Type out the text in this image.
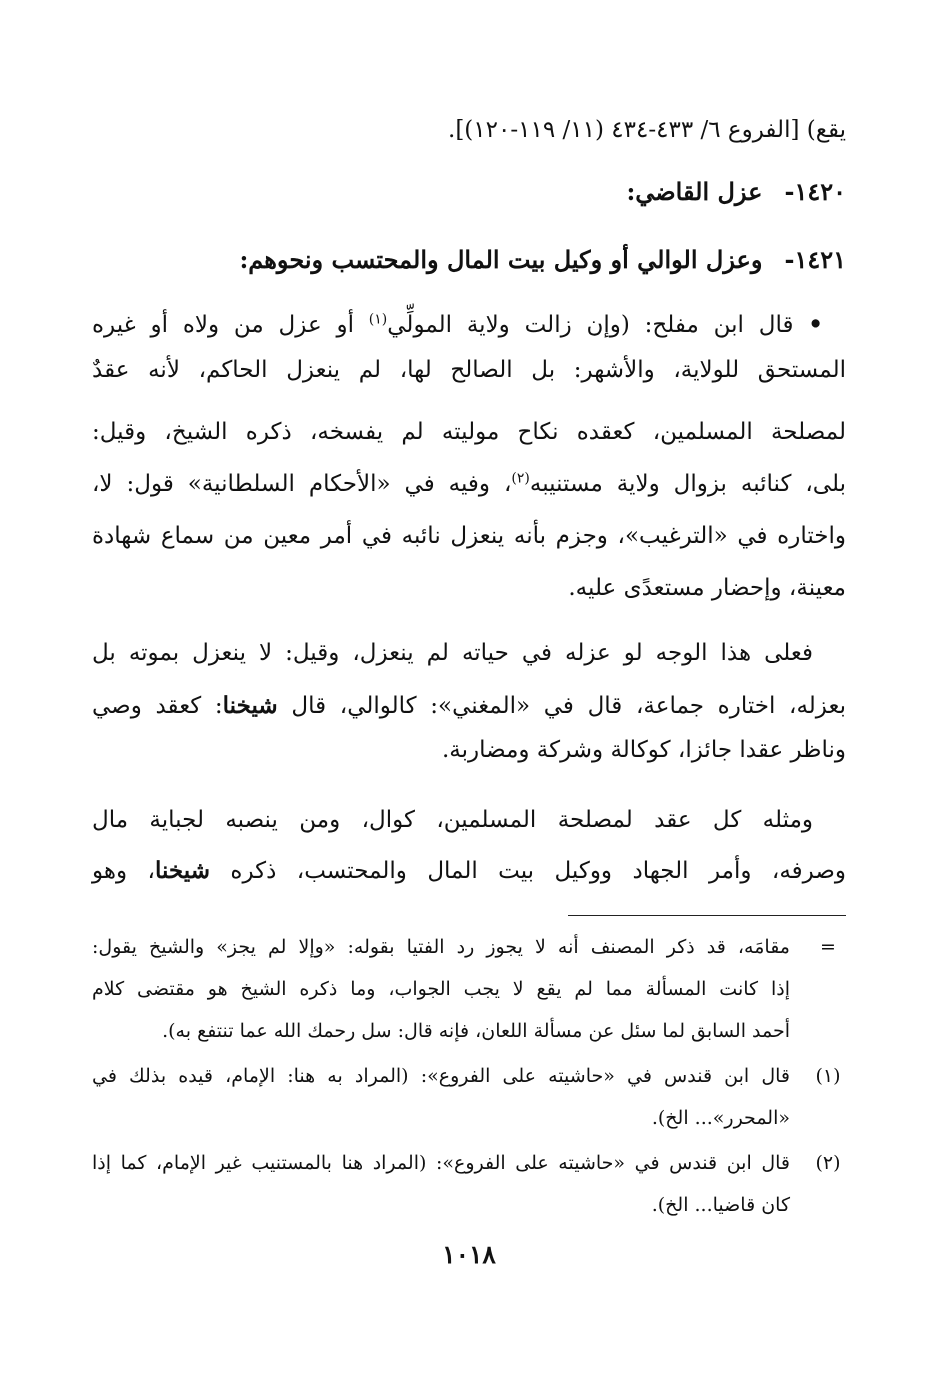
يقع) [الفروع ٦/ ٤٣٣-٤٣٤ (١١/ ١١٩-١٢٠)].
١٤٢٠-عزل القاضي:
١٤٢١-وعزل الوالي أو وكيل بيت المال والمحتسب ونحوهم:
• قال ابن مفلح: (وإن زالت ولاية المولِّي$^{(١)}$ أو عزل من ولاه أو غيره
المستحق للولاية، والأشهر: بل الصالح لها، لم ينعزل الحاكم، لأنه عقدٌ
لمصلحة المسلمين، كعقده نكاح موليته لم يفسخه، ذكره الشيخ، وقيل:
بلى، كنائبه بزوال ولاية مستنيبه$^{(٢)}$، وفيه في «الأحكام السلطانية» قول: لا،
واختاره في «الترغيب»، وجزم بأنه ينعزل نائبه في أمر معين من سماع شهادة
معينة، وإحضار مستعدًى عليه.
فعلى هذا الوجه لو عزله في حياته لم ينعزل، وقيل: لا ينعزل بموته بل
بعزله، اختاره جماعة، قال في «المغني»: كالوالي، قال شيخنا: كعقد وصي
وناظر عقدا جائزا، كوكالة وشركة ومضاربة.
ومثله كل عقد لمصلحة المسلمين، كوال، ومن ينصبه لجباية مال
وصرفه، وأمر الجهاد ووكيل بيت المال والمحتسب، ذكره شيخنا، وهو
=
مقامَه، قد ذكر المصنف أنه لا يجوز رد الفتيا بقوله: «وإلا لم يجز» والشيخ يقول:
إذا كانت المسألة مما لم يقع لا يجب الجواب، وما ذكره الشيخ هو مقتضى كلام
أحمد السابق لما سئل عن مسألة اللعان، فإنه قال: سل رحمك الله عما تنتفع به).
(١)
قال ابن قندس في «حاشيته على الفروع»: (المراد به هنا: الإمام، قيده بذلك في
«المحرر»... الخ).
(٢)
قال ابن قندس في «حاشيته على الفروع»: (المراد هنا بالمستنيب غير الإمام، كما إذا
كان قاضيا... الخ).
١٠١٨
